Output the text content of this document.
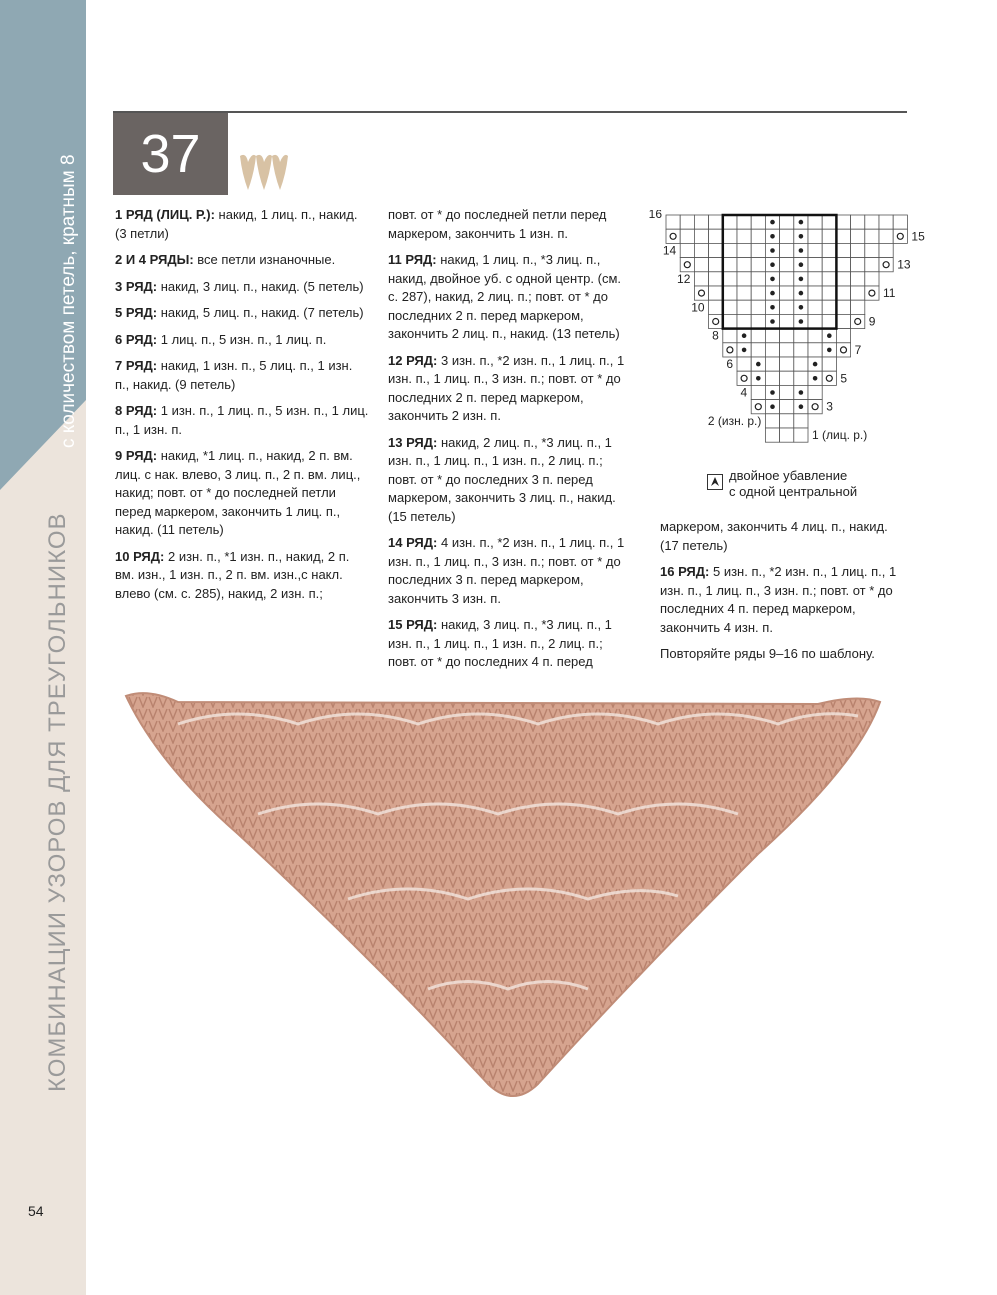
с количеством петель, кратным 8
КОМБИНАЦИИ УЗОРОВ ДЛЯ ТРЕУГОЛЬНИКОВ
37

1 РЯД (ЛИЦ. Р.): накид, 1 лиц. п., накид. (3 петли)

2 И 4 РЯДЫ: все петли изнаночные.

3 РЯД: накид, 3 лиц. п., накид. (5 петель)

5 РЯД: накид, 5 лиц. п., накид. (7 петель)

6 РЯД: 1 лиц. п., 5 изн. п., 1 лиц. п.

7 РЯД: накид, 1 изн. п., 5 лиц. п., 1 изн. п., накид. (9 петель)

8 РЯД: 1 изн. п., 1 лиц. п., 5 изн. п., 1 лиц. п., 1 изн. п.

9 РЯД: накид, *1 лиц. п., накид, 2 п. вм. лиц. с нак. влево, 3 лиц. п., 2 п. вм. лиц., накид; повт. от * до последней петли перед маркером, закончить 1 лиц. п., накид. (11 петель)

10 РЯД: 2 изн. п., *1 изн. п., накид, 2 п. вм. изн., 1 изн. п., 2 п. вм. изн.,с накл. влево (см. с. 285), накид, 2 изн. п.;

повт. от * до последней петли перед маркером, закончить 1 изн. п.

11 РЯД: накид, 1 лиц. п., *3 лиц. п., накид, двойное уб. с одной центр. (см. с. 287), накид, 2 лиц. п.; повт. от * до последних 2 п. перед маркером, закончить 2 лиц. п., накид. (13 петель)

12 РЯД: 3 изн. п., *2 изн. п., 1 лиц. п., 1 изн. п., 1 лиц. п., 3 изн. п.; повт. от * до последних 2 п. перед маркером, закончить 2 изн. п.

13 РЯД: накид, 2 лиц. п., *3 лиц. п., 1 изн. п., 1 лиц. п., 1 изн. п., 2 лиц. п.; повт. от * до последних 3 п. перед маркером, закончить 3 лиц. п., накид. (15 петель)

14 РЯД: 4 изн. п., *2 изн. п., 1 лиц. п., 1 изн. п., 1 лиц. п., 3 изн. п.; повт. от * до последних 3 п. перед маркером, закончить 3 изн. п.

15 РЯД: накид, 3 лиц. п., *3 лиц. п., 1 изн. п., 1 лиц. п., 1 изн. п., 2 лиц. п.; повт. от * до последних 4 п. перед

маркером, закончить 4 лиц. п., накид. (17 петель)

16 РЯД: 5 изн. п., *2 изн. п., 1 лиц. п., 1 изн. п., 1 лиц. п., 3 изн. п.; повт. от * до последних 4 п. перед маркером, закончить 4 изн. п.

Повторяйте ряды 9–16 по шаблону.

16
14
12
10
8
6
4
2 (изн. р.)
15
13
11
9
7
5
3
1 (лиц. р.)
двойное убавление
с одной центральной
54
